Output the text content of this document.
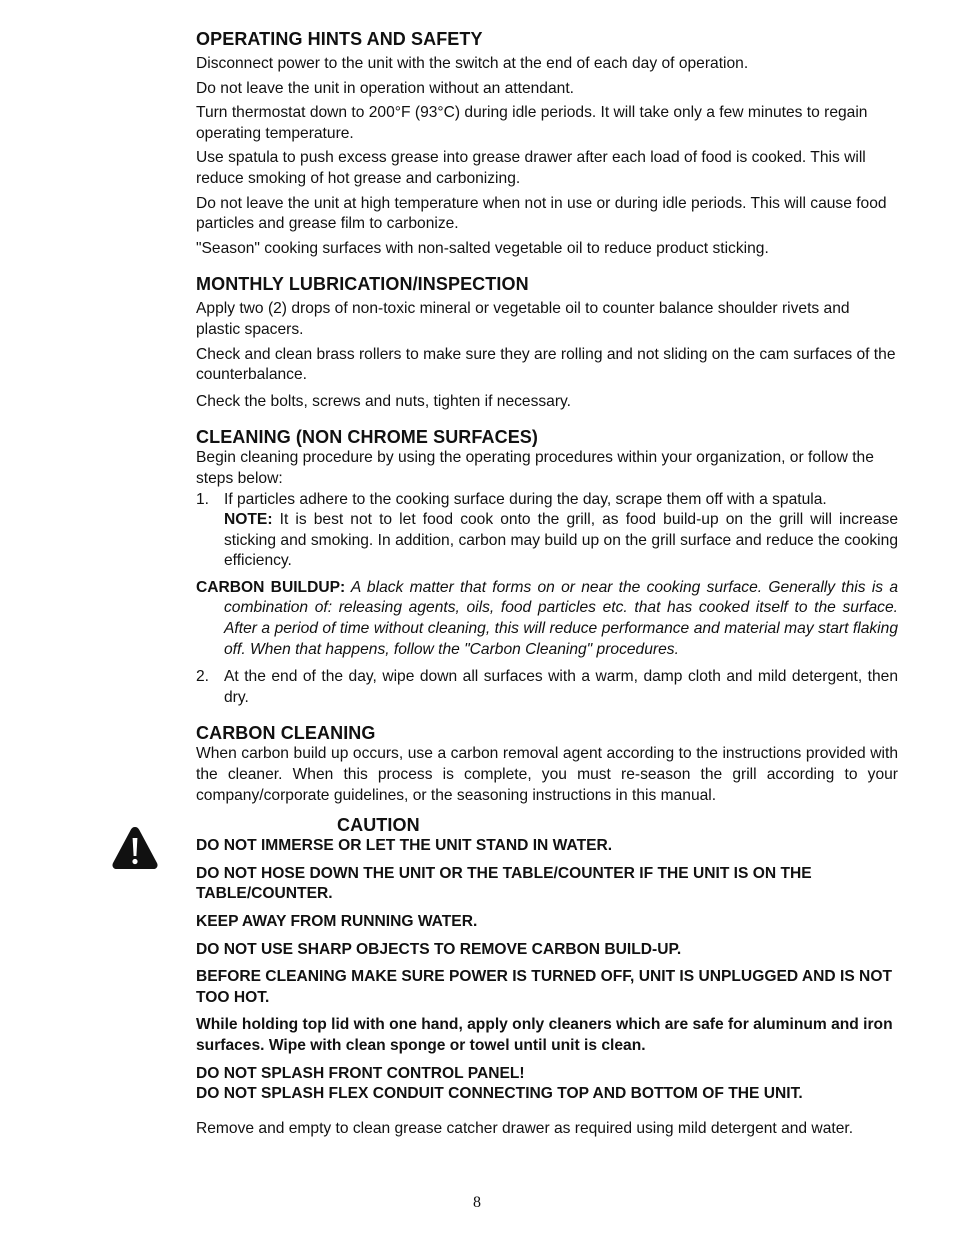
OPERATING HINTS AND SAFETY

Disconnect power to the unit with the switch at the end of each day of operation.

Do not leave the unit in operation without an attendant.

Turn thermostat down to 200°F (93°C) during idle periods. It will take only a few minutes to regain operating temperature.

Use spatula to push excess grease into grease drawer after each load of food is cooked. This will reduce smoking of hot grease and carbonizing.

Do not leave the unit at high temperature when not in use or during idle periods. This will cause food particles and grease film to carbonize.

"Season" cooking surfaces with non-salted vegetable oil to reduce product sticking.

MONTHLY LUBRICATION/INSPECTION

Apply two (2) drops of non-toxic mineral or vegetable oil to counter balance shoulder rivets and plastic spacers.

Check and clean brass rollers to make sure they are rolling and not sliding on the cam surfaces of the counterbalance.

Check the bolts, screws and nuts, tighten if necessary.

CLEANING (NON CHROME SURFACES)

Begin cleaning procedure by using the operating procedures within your organization, or follow the steps below:

1. If particles adhere to the cooking surface during the day, scrape them off with a spatula.

NOTE: It is best not to let food cook onto the grill, as food build-up on the grill will increase sticking and smoking. In addition, carbon may build up on the grill surface and reduce the cooking efficiency.

CARBON BUILDUP: A black matter that forms on or near the cooking surface. Generally this is a combination of: releasing agents, oils, food particles etc. that has cooked itself to the surface. After a period of time without cleaning, this will reduce performance and material may start flaking off. When that happens, follow the "Carbon Cleaning" procedures.

2. At the end of the day, wipe down all surfaces with a warm, damp cloth and mild detergent, then dry.

CARBON CLEANING

When carbon build up occurs, use a carbon removal agent according to the instructions provided with the cleaner. When this process is complete, you must re-season the grill according to your company/corporate guidelines, or the seasoning instructions in this manual.

CAUTION

DO NOT IMMERSE OR LET THE UNIT STAND IN WATER.

DO NOT HOSE DOWN THE UNIT OR THE TABLE/COUNTER IF THE UNIT IS ON THE TABLE/COUNTER.

KEEP AWAY FROM RUNNING WATER.

DO NOT USE SHARP OBJECTS TO REMOVE CARBON BUILD-UP.

BEFORE CLEANING MAKE SURE POWER IS TURNED OFF, UNIT IS UNPLUGGED AND IS NOT TOO HOT.

While holding top lid with one hand, apply only cleaners which are safe for aluminum and iron surfaces. Wipe with clean sponge or towel until unit is clean.

DO NOT SPLASH FRONT CONTROL PANEL!

DO NOT SPLASH FLEX CONDUIT CONNECTING TOP AND BOTTOM OF THE UNIT.

Remove and empty to clean grease catcher drawer as required using mild detergent and water.

8
